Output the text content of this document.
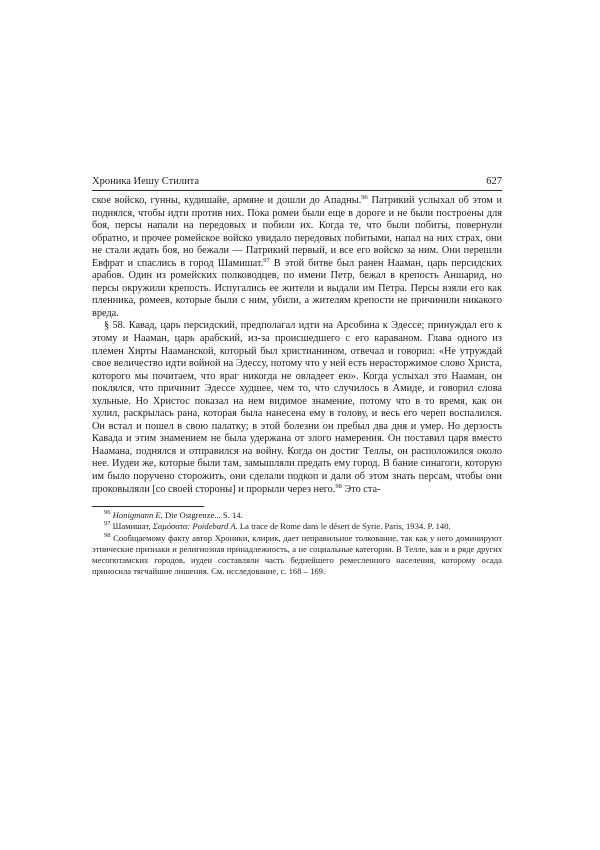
Хроника Иешу Стилита	627

ское войско, гунны, кудишайе, армяне и дошли до Ападны.$^{96}$ Патрикий услыхал об этом и поднялся, чтобы идти против них. Пока ромеи были еще в дороге и не были построены для боя, персы напали на передовых и побили их. Когда те, что были побиты, повернули обратно, и прочее ромейское войско увидало передовых побитыми, напал на них страх, они не стали ждать боя, но бежали — Патрикий первый, и все его войско за ним. Они перешли Евфрат и спаслись в город Шамишат.$^{97}$ В этой битве был ранен Нааман, царь персидских арабов. Один из ромейских полководцев, по имени Петр, бежал в крепость Аншарид, но персы окружили крепость. Испугались ее жители и выдали им Петра. Персы взяли его как пленника, ромеев, которые были с ним, убили, а жителям крепости не причинили никакого вреда.

§ 58. Кавад, царь персидский, предполагал идти на Арсобина к Эдессе; принуждал его к этому и Нааман, царь арабский, из-за происшедшего с его караваном. Глава одного из племен Хирты Нааманской, который был христианином, отвечал и говорил: «Не утруждай свое величество идти войной на Эдессу, потому что у ней есть нерасторжимое слово Христа, которого мы почитаем, что враг никогда не овладеет ею». Когда услыхал это Нааман, он поклялся, что причинит Эдессе худшее, чем то, что случилось в Амиде, и говорил слова хульные. Но Христос показал на нем видимое знамение, потому что в то время, как он хулил, раскрылась рана, которая была нанесена ему в голову, и весь его череп воспалился. Он встал и пошел в свою палатку; в этой болезни он пребыл два дня и умер. Но дерзость Кавада и этим знамением не была удержана от злого намерения. Он поставил царя вместо Наамана, поднялся и отправился на войну. Когда он достиг Теллы, он расположился около нее. Иудеи же, которые были там, замышляли предать ему город. В бание синагоги, которую им было поручено сторожить, они сделали подкоп и дали об этом знать персам, чтобы они проковыляли [со своей стороны] и прорыли через него.$^{98}$ Это ста-

$^{96}$ Honigmann E. Die Ostgrenze... S. 14.

$^{97}$ Шамишат, Σαμόσατα: Poidebard A. La trace de Rome dans le désert de Syrie. Paris, 1934. P. 140.

$^{98}$ Сообщаемому факту автор Хроники, клирик, дает неправильное толкование, так как у него доминируют этнические признаки и религиозная принадлежность, а не социальные категории. В Телле, как и в ряде других месопотамских городов, иудеи составляли часть беднейшего ремесленного населения, которому осада приносила тягчайшие лишения. См. исследование, с. 168 – 169.
